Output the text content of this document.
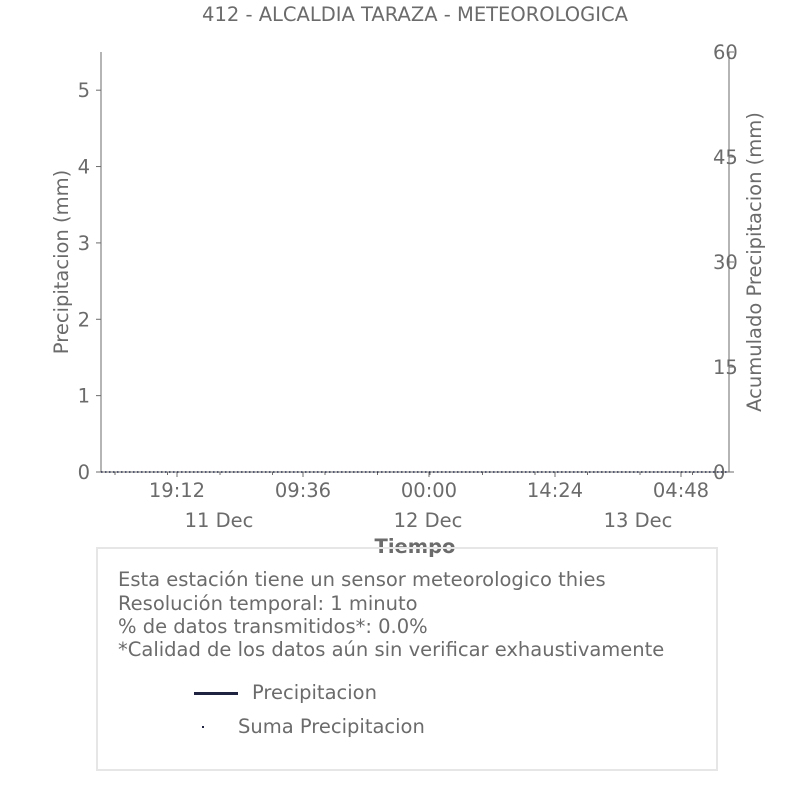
412 - ALCALDIA TARAZA - METEOROLOGICA
0
1
2
3
4
5
0
15
30
45
60
19:12	09:36	00:00	14:24	04:48
11 Dec	12 Dec	13 Dec
Precipitacion (mm)	Acumulado Precipitacion (mm)
Tiempo
Esta estación tiene un sensor meteorologico thies
Resolución temporal: 1 minuto
% de datos transmitidos*: 0.0%
*Calidad de los datos aún sin verificar exhaustivamente
Precipitacion
Suma Precipitacion
